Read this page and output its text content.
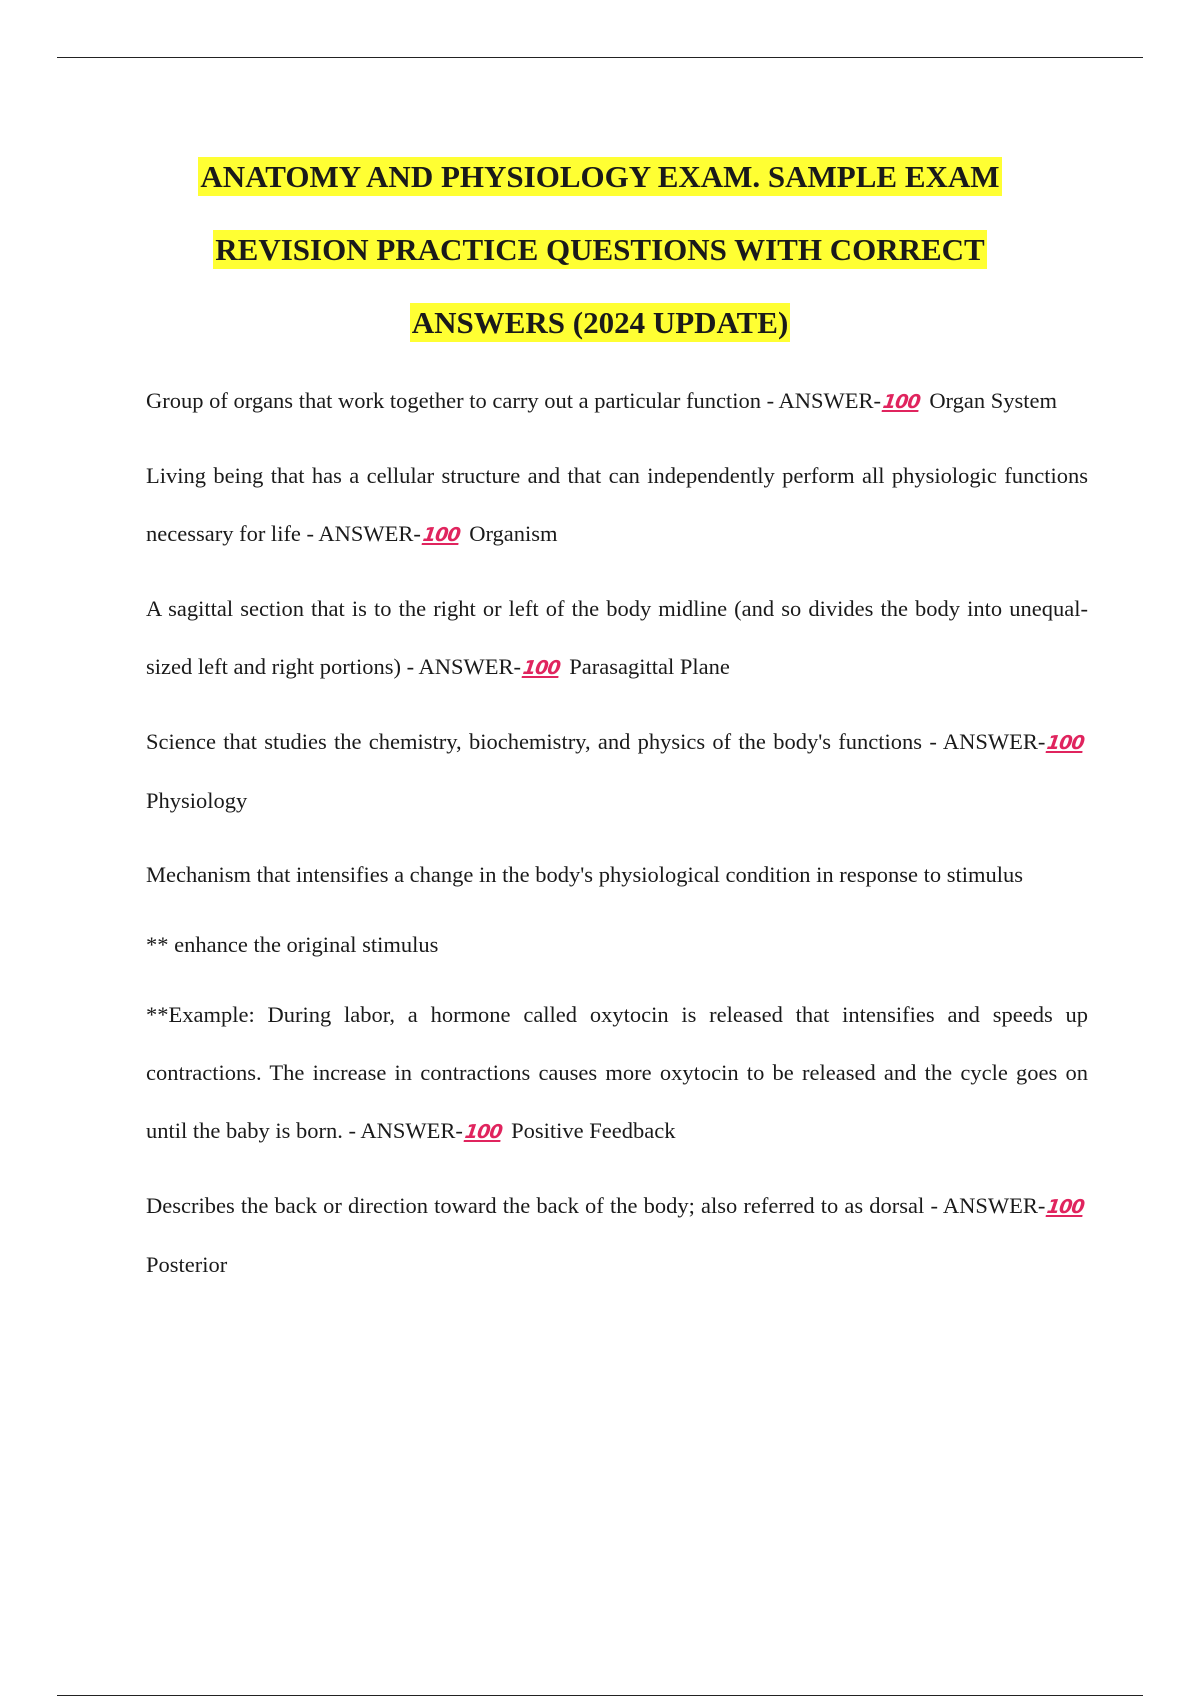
ANATOMY AND PHYSIOLOGY EXAM. SAMPLE EXAM
REVISION PRACTICE QUESTIONS WITH CORRECT
ANSWERS (2024 UPDATE)

Group of organs that work together to carry out a particular function - ANSWER-100 Organ System

Living being that has a cellular structure and that can independently perform all physiologic functions necessary for life - ANSWER-100 Organism

A sagittal section that is to the right or left of the body midline (and so divides the body into unequal-sized left and right portions) - ANSWER-100 Parasagittal Plane

Science that studies the chemistry, biochemistry, and physics of the body's functions - ANSWER-100 Physiology

Mechanism that intensifies a change in the body's physiological condition in response to stimulus

** enhance the original stimulus

**Example: During labor, a hormone called oxytocin is released that intensifies and speeds up contractions. The increase in contractions causes more oxytocin to be released and the cycle goes on until the baby is born. - ANSWER-100 Positive Feedback

Describes the back or direction toward the back of the body; also referred to as dorsal - ANSWER-100 Posterior
